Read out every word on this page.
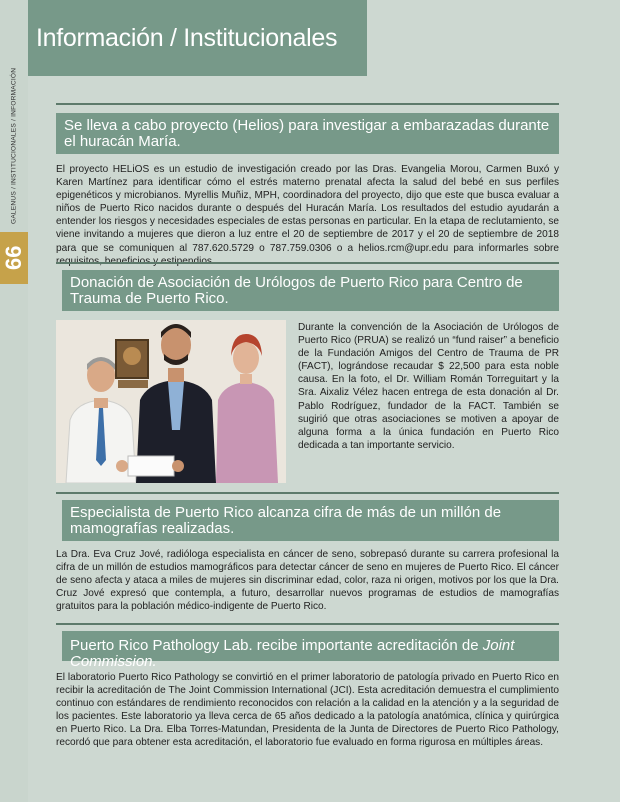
GALENUS / INSTITUCIONALES / INFORMACIÓN
66
Información / Institucionales
Se lleva a cabo proyecto (Helios) para investigar a embarazadas durante el huracán María.
El proyecto HELiOS es un estudio de investigación creado por las Dras. Evangelia Morou, Carmen Buxó y Karen Martínez para identificar cómo el estrés materno prenatal afecta la salud del bebé en sus perfiles epigenéticos y microbianos. Myrellis Muñiz, MPH, coordinadora del proyecto, dijo que este que busca evaluar a niños de Puerto Rico nacidos durante o después del Huracán María. Los resultados del estudio ayudarán a entender los riesgos y necesidades especiales de estas personas en particular. En la etapa de reclutamiento, se viene invitando a mujeres que dieron a luz entre el 20 de septiembre de 2017 y el 20 de septiembre de 2018 para que se comuniquen al 787.620.5729 o 787.759.0306 o a helios.rcm@upr.edu para informarles sobre
Donación de Asociación de Urólogos de Puerto Rico para Centro de Trauma de Puerto Rico.
Durante la convención de la Asociación de Urólogos de Puerto Rico (PRUA) se realizó un “fund raiser” a beneficio de la Fundación Amigos del Centro de Trauma de PR (FACT), lográndose recaudar $ 22,500 para esta noble causa. En la foto, el Dr. William Román Torreguitart y la Sra. Aixaliz Vélez hacen entrega de esta donación al Dr. Pablo Rodríguez, fundador de la FACT. También se sugirió que otras asociaciones se motiven a apoyar de alguna forma a la única fundación en Puerto Rico dedicada a tan importante servicio.
Especialista de Puerto Rico alcanza cifra de más de un millón de mamografías realizadas.
La Dra. Eva Cruz Jové, radióloga especialista en cáncer de seno, sobrepasó durante su carrera profesional la cifra de un millón de estudios mamográficos para detectar cáncer de seno en mujeres de Puerto Rico. El cáncer de seno afecta y ataca a miles de mujeres sin discriminar edad, color, raza ni origen, motivos por los que la Dra. Cruz Jové expresó que contempla, a futuro, desarrollar nuevos programas de estudios de mamografías gratuitos para la población médico-indigente de Puerto Rico.
Puerto Rico Pathology Lab. recibe importante acreditación de Joint Commission.
El laboratorio Puerto Rico Pathology se convirtió en el primer laboratorio de patología privado en Puerto Rico en recibir la acreditación de The Joint Commission International (JCI). Esta acreditación demuestra el cumplimiento continuo con estándares de rendimiento reconocidos con relación a la calidad en la atención y a la seguridad de los pacientes. Este laboratorio ya lleva cerca de 65 años dedicado a la patología anatómica, clínica y quirúrgica en Puerto Rico. La Dra. Elba Torres-Matundan, Presidenta de la Junta de Directores de Puerto Rico Pathology, recordó que para obtener esta acreditación, el laboratorio fue evaluado en forma rigurosa en múltiples áreas.
